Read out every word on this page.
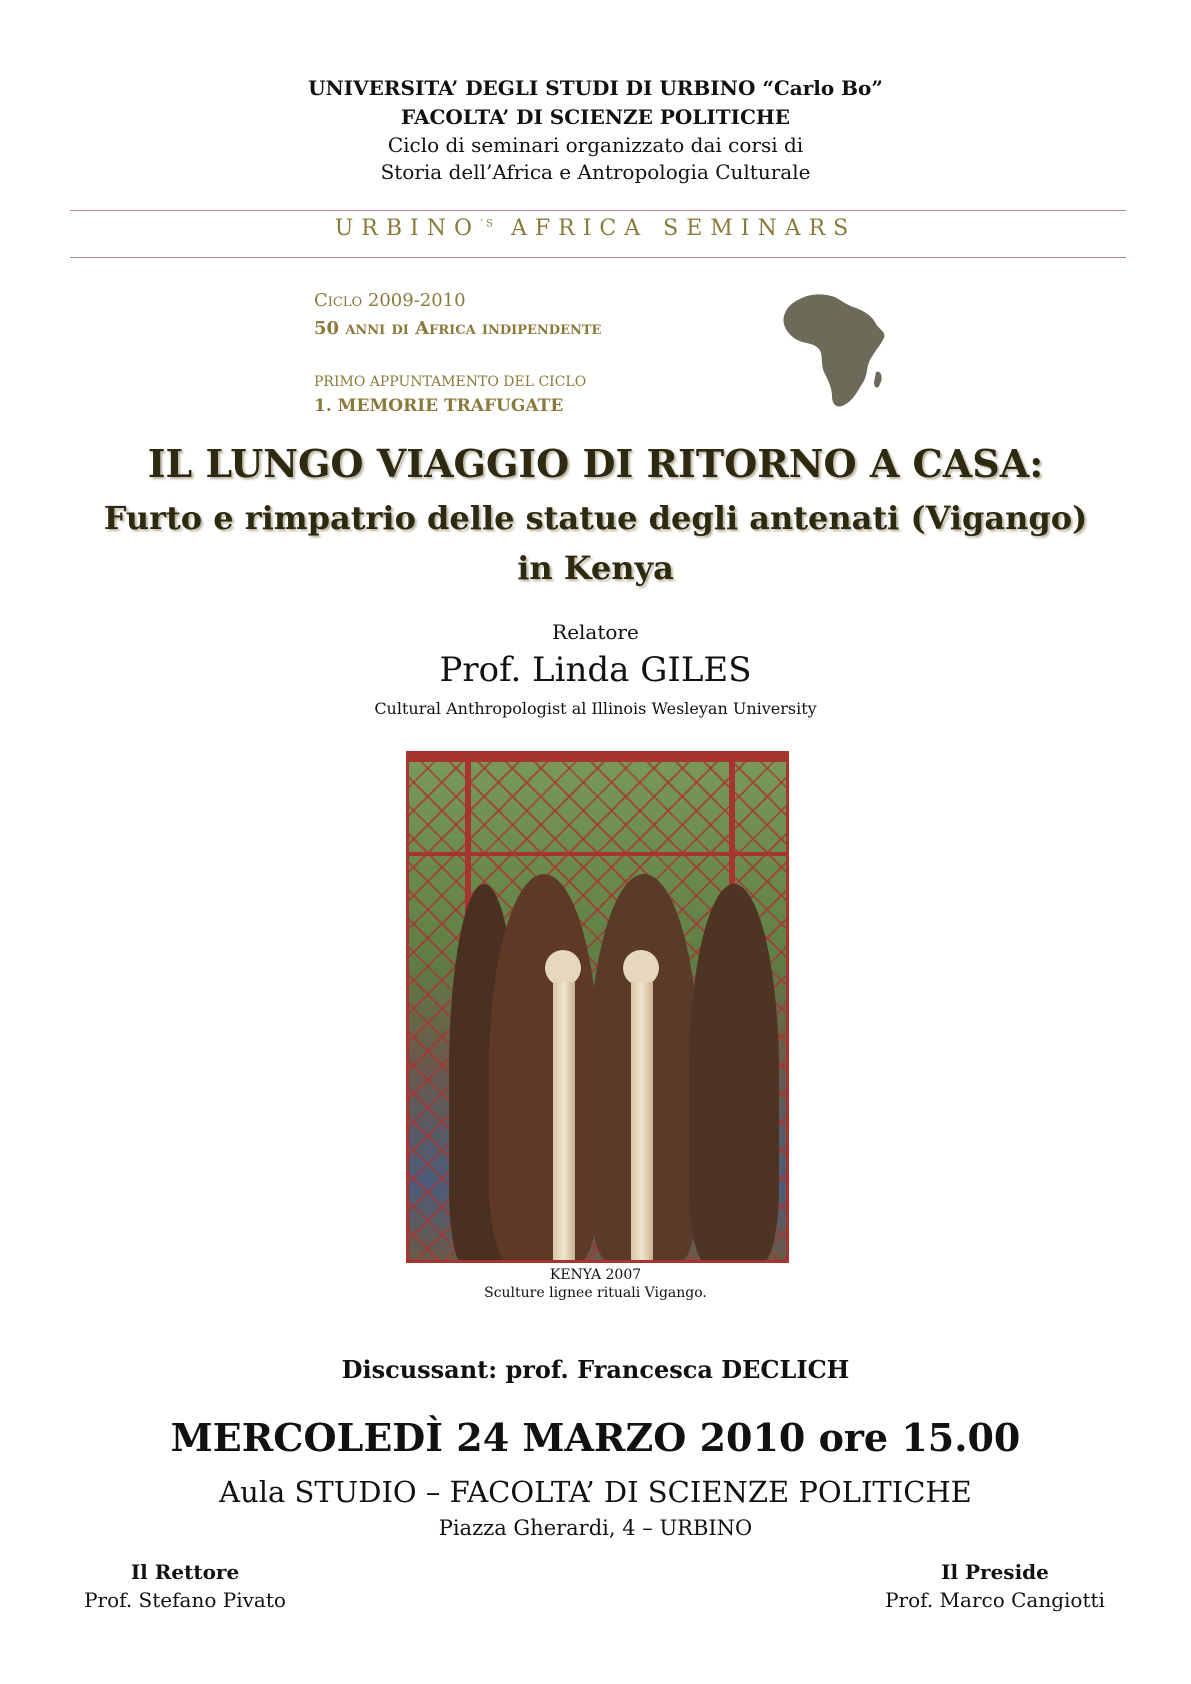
UNIVERSITA’ DEGLI STUDI DI URBINO “Carlo Bo”
FACOLTA’ DI SCIENZE POLITICHE
Ciclo di seminari organizzato dai corsi di
Storia dell’Africa e Antropologia Culturale
$URBINO^{’S}$ AFRICA SEMINARS
Ciclo 2009-2010
50 anni di Africa indipendente
PRIMO APPUNTAMENTO DEL CICLO
1. MEMORIE TRAFUGATE
IL LUNGO VIAGGIO DI RITORNO A CASA:
Furto e rimpatrio delle statue degli antenati (Vigango)
in Kenya
Relatore
Prof. Linda GILES
Cultural Anthropologist al Illinois Wesleyan University
KENYA 2007
Sculture lignee rituali Vigango.
Discussant: prof. Francesca DECLICH
MERCOLEDÌ 24 MARZO 2010 ore 15.00
Aula STUDIO – FACOLTA’ DI SCIENZE POLITICHE
Piazza Gherardi, 4 – URBINO
Il Rettore
Prof. Stefano Pivato
Il Preside
Prof. Marco Cangiotti
